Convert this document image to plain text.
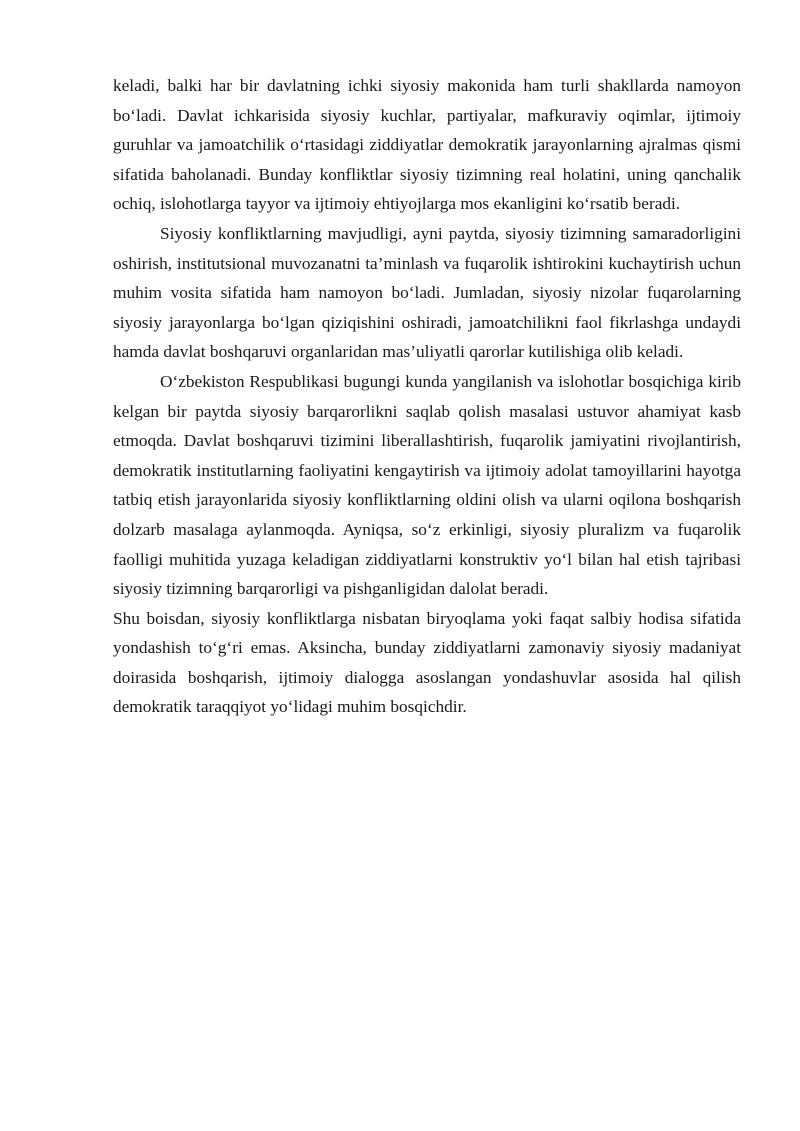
keladi, balki har bir davlatning ichki siyosiy makonida ham turli shakllarda namoyon bo‘ladi. Davlat ichkarisida siyosiy kuchlar, partiyalar, mafkuraviy oqimlar, ijtimoiy guruhlar va jamoatchilik o‘rtasidagi ziddiyatlar demokratik jarayonlarning ajralmas qismi sifatida baholanadi. Bunday konfliktlar siyosiy tizimning real holatini, uning qanchalik ochiq, islohotlarga tayyor va ijtimoiy ehtiyojlarga mos ekanligini ko‘rsatib beradi.

Siyosiy konfliktlarning mavjudligi, ayni paytda, siyosiy tizimning samaradorligini oshirish, institutsional muvozanatni ta’minlash va fuqarolik ishtirokini kuchaytirish uchun muhim vosita sifatida ham namoyon bo‘ladi. Jumladan, siyosiy nizolar fuqarolarning siyosiy jarayonlarga bo‘lgan qiziqishini oshiradi, jamoatchilikni faol fikrlashga undaydi hamda davlat boshqaruvi organlaridan mas’uliyatli qarorlar kutilishiga olib keladi.

O‘zbekiston Respublikasi bugungi kunda yangilanish va islohotlar bosqichiga kirib kelgan bir paytda siyosiy barqarorlikni saqlab qolish masalasi ustuvor ahamiyat kasb etmoqda. Davlat boshqaruvi tizimini liberallashtirish, fuqarolik jamiyatini rivojlantirish, demokratik institutlarning faoliyatini kengaytirish va ijtimoiy adolat tamoyillarini hayotga tatbiq etish jarayonlarida siyosiy konfliktlarning oldini olish va ularni oqilona boshqarish dolzarb masalaga aylanmoqda. Ayniqsa, so‘z erkinligi, siyosiy pluralizm va fuqarolik faolligi muhitida yuzaga keladigan ziddiyatlarni konstruktiv yo‘l bilan hal etish tajribasi siyosiy tizimning barqarorligi va pishganligidan dalolat beradi.

Shu boisdan, siyosiy konfliktlarga nisbatan biryoqlama yoki faqat salbiy hodisa sifatida yondashish to‘g‘ri emas. Aksincha, bunday ziddiyatlarni zamonaviy siyosiy madaniyat doirasida boshqarish, ijtimoiy dialogga asoslangan yondashuvlar asosida hal qilish demokratik taraqqiyot yo‘lidagi muhim bosqichdir.
